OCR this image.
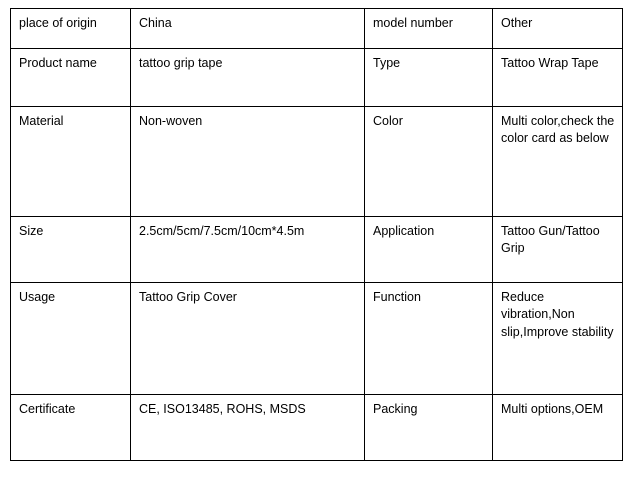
place of origin	China	model number	Other
Product name	tattoo grip tape	Type	Tattoo Wrap Tape
Material	Non-woven	Color	Multi color,check the color card as below
Size	2.5cm/5cm/7.5cm/10cm*4.5m	Application	Tattoo Gun/Tattoo Grip
Usage	Tattoo Grip Cover	Function	Reduce vibration,Non slip,Improve stability
Certificate	CE, ISO13485, ROHS, MSDS	Packing	Multi options,OEM
